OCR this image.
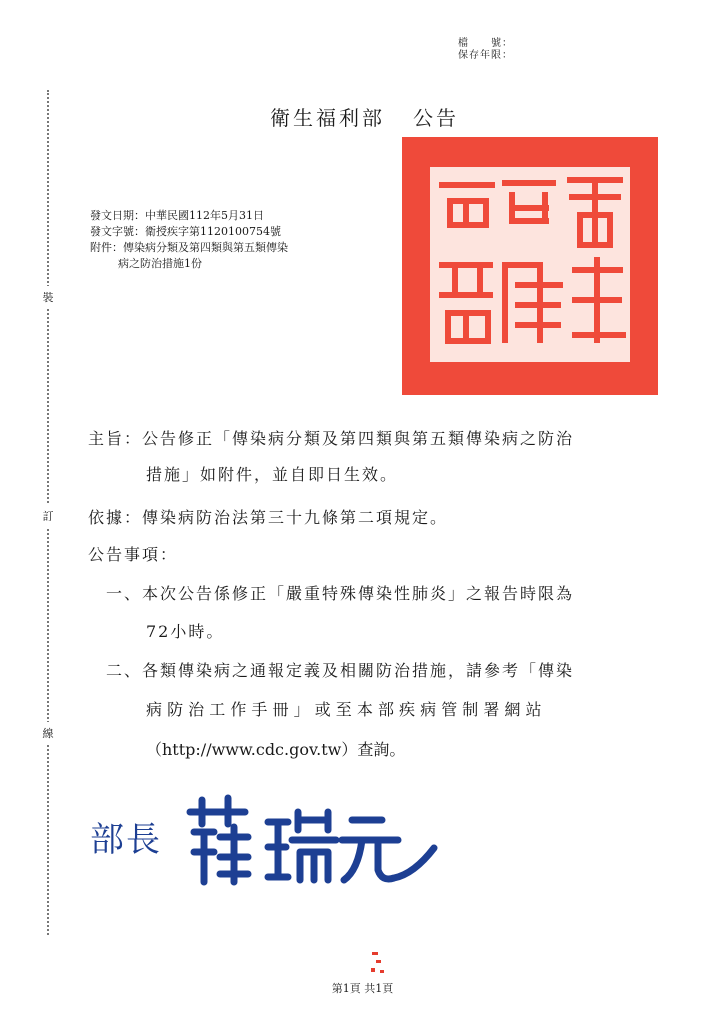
檔　　號：
保存年限：
裝
訂
線
衛生福利部 公告
發文日期：中華民國112年5月31日
發文字號：衛授疾字第1120100754號
附件：傳染病分類及第四類與第五類傳染
病之防治措施1份
主旨：公告修正「傳染病分類及第四類與第五類傳染病之防治
措施」如附件，並自即日生效。
依據：傳染病防治法第三十九條第二項規定。
公告事項：
一、本次公告係修正「嚴重特殊傳染性肺炎」之報告時限為
72小時。
二、各類傳染病之通報定義及相關防治措施，請參考「傳染
病 防 治 工 作 手 冊 」 或 至 本 部 疾 病 管 制 署 網 站
（http://www.cdc.gov.tw）查詢。
部長
第1頁 共1頁
